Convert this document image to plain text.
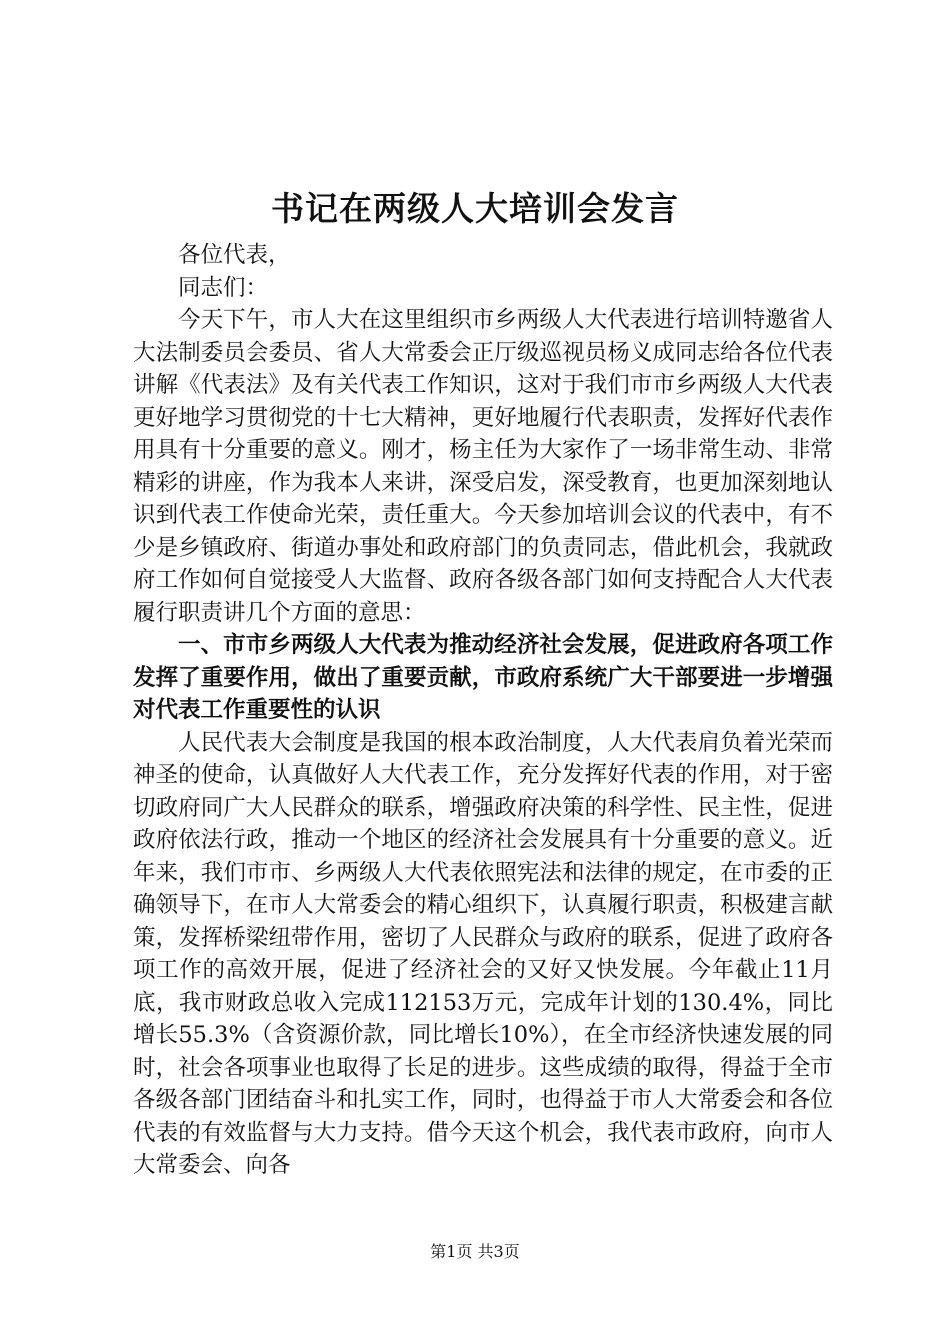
书记在两级人大培训会发言

各位代表，

同志们：

今天下午，市人大在这里组织市乡两级人大代表进行培训特邀省人大法制委员会委员、省人大常委会正厅级巡视员杨义成同志给各位代表讲解《代表法》及有关代表工作知识，这对于我们市市乡两级人大代表更好地学习贯彻党的十七大精神，更好地履行代表职责，发挥好代表作用具有十分重要的意义。刚才，杨主任为大家作了一场非常生动、非常精彩的讲座，作为我本人来讲，深受启发，深受教育，也更加深刻地认识到代表工作使命光荣，责任重大。今天参加培训会议的代表中，有不少是乡镇政府、街道办事处和政府部门的负责同志，借此机会，我就政府工作如何自觉接受人大监督、政府各级各部门如何支持配合人大代表履行职责讲几个方面的意思：

一、市市乡两级人大代表为推动经济社会发展，促进政府各项工作发挥了重要作用，做出了重要贡献，市政府系统广大干部要进一步增强对代表工作重要性的认识

人民代表大会制度是我国的根本政治制度，人大代表肩负着光荣而神圣的使命，认真做好人大代表工作，充分发挥好代表的作用，对于密切政府同广大人民群众的联系，增强政府决策的科学性、民主性，促进政府依法行政，推动一个地区的经济社会发展具有十分重要的意义。近年来，我们市市、乡两级人大代表依照宪法和法律的规定，在市委的正确领导下，在市人大常委会的精心组织下，认真履行职责，积极建言献策，发挥桥梁纽带作用，密切了人民群众与政府的联系，促进了政府各项工作的高效开展，促进了经济社会的又好又快发展。今年截止11月底，我市财政总收入完成112153万元，完成年计划的130.4%，同比增长55.3%（含资源价款，同比增长10%），在全市经济快速发展的同时，社会各项事业也取得了长足的进步。这些成绩的取得，得益于全市各级各部门团结奋斗和扎实工作，同时，也得益于市人大常委会和各位代表的有效监督与大力支持。借今天这个机会，我代表市政府，向市人大常委会、向各

第1页 共3页
